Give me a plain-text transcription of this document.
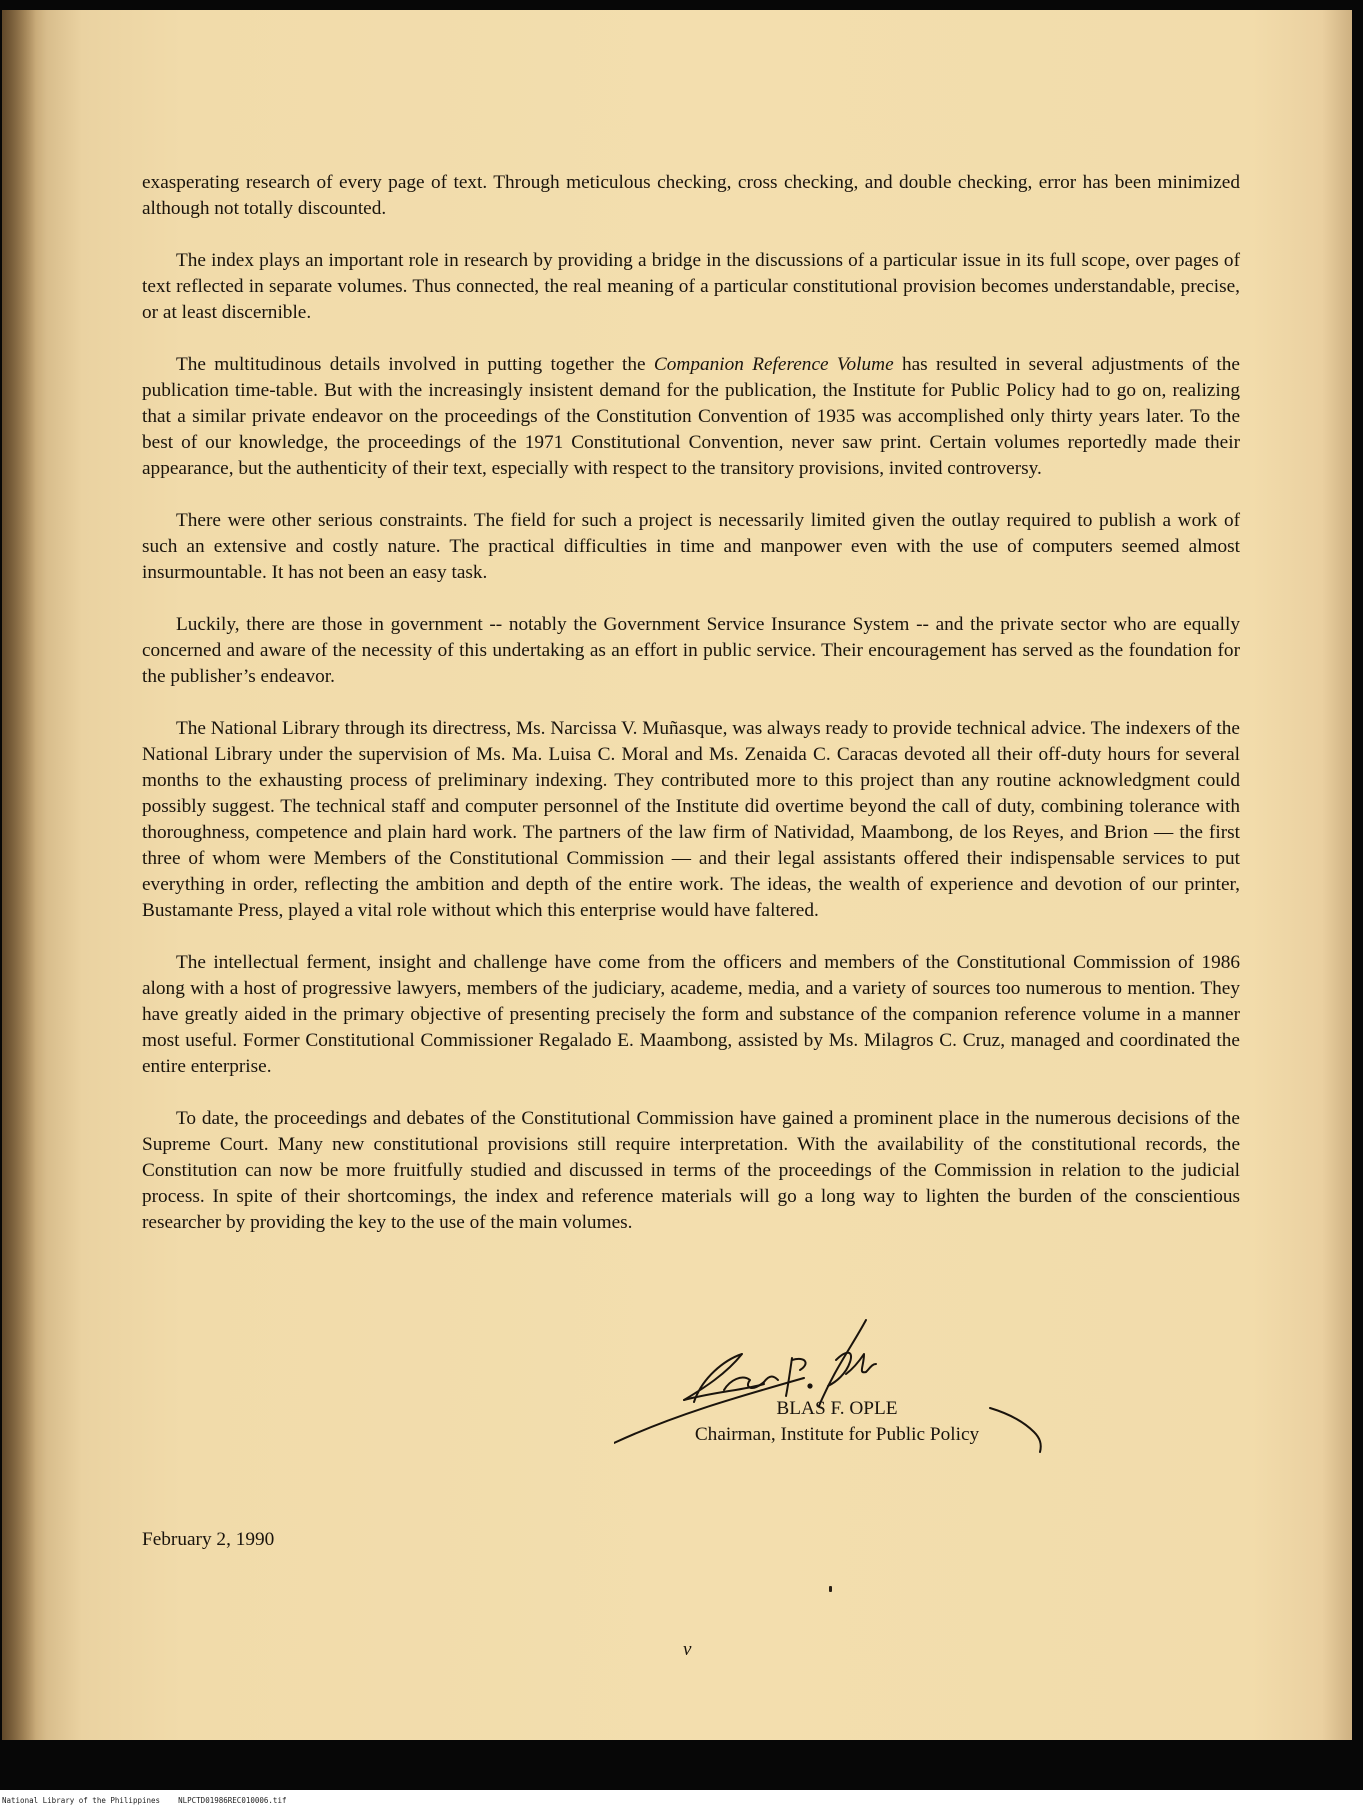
exasperating research of every page of text. Through meticulous checking, cross checking, and double checking, error has been minimized although not totally discounted.

The index plays an important role in research by providing a bridge in the discussions of a particular issue in its full scope, over pages of text reflected in separate volumes. Thus connected, the real meaning of a particular constitutional provision becomes understandable, precise, or at least discernible.

The multitudinous details involved in putting together the Companion Reference Volume has resulted in several adjustments of the publication time-table. But with the increasingly insistent demand for the publication, the Institute for Public Policy had to go on, realizing that a similar private endeavor on the proceedings of the Constitution Convention of 1935 was accomplished only thirty years later. To the best of our knowledge, the proceedings of the 1971 Constitutional Convention, never saw print. Certain volumes reportedly made their appearance, but the authenticity of their text, especially with respect to the transitory provisions, invited controversy.

There were other serious constraints. The field for such a project is necessarily limited given the outlay required to publish a work of such an extensive and costly nature. The practical difficulties in time and manpower even with the use of computers seemed almost insurmountable. It has not been an easy task.

Luckily, there are those in government -- notably the Government Service Insurance System -- and the private sector who are equally concerned and aware of the necessity of this undertaking as an effort in public service. Their encouragement has served as the foundation for the publisher’s endeavor.

The National Library through its directress, Ms. Narcissa V. Muñasque, was always ready to provide technical advice. The indexers of the National Library under the supervision of Ms. Ma. Luisa C. Moral and Ms. Zenaida C. Caracas devoted all their off-duty hours for several months to the exhausting process of preliminary indexing. They contributed more to this project than any routine acknowledgment could possibly suggest. The technical staff and computer personnel of the Institute did overtime beyond the call of duty, combining tolerance with thoroughness, competence and plain hard work. The partners of the law firm of Natividad, Maambong, de los Reyes, and Brion — the first three of whom were Members of the Constitutional Commission — and their legal assistants offered their indispensable services to put everything in order, reflecting the ambition and depth of the entire work. The ideas, the wealth of experience and devotion of our printer, Bustamante Press, played a vital role without which this enterprise would have faltered.

The intellectual ferment, insight and challenge have come from the officers and members of the Constitutional Commission of 1986 along with a host of progressive lawyers, members of the judiciary, academe, media, and a variety of sources too numerous to mention. They have greatly aided in the primary objective of presenting precisely the form and substance of the companion reference volume in a manner most useful. Former Constitutional Commissioner Regalado E. Maambong, assisted by Ms. Milagros C. Cruz, managed and coordinated the entire enterprise.

To date, the proceedings and debates of the Constitutional Commission have gained a prominent place in the numerous decisions of the Supreme Court. Many new constitutional provisions still require interpretation. With the availability of the constitutional records, the Constitution can now be more fruitfully studied and discussed in terms of the proceedings of the Commission in relation to the judicial process. In spite of their shortcomings, the index and reference materials will go a long way to lighten the burden of the conscientious researcher by providing the key to the use of the main volumes.

BLAS F. OPLE
Chairman, Institute for Public Policy
February 2, 1990
v
National Library of the Philippines    NLPCTD01986REC010006.tif
